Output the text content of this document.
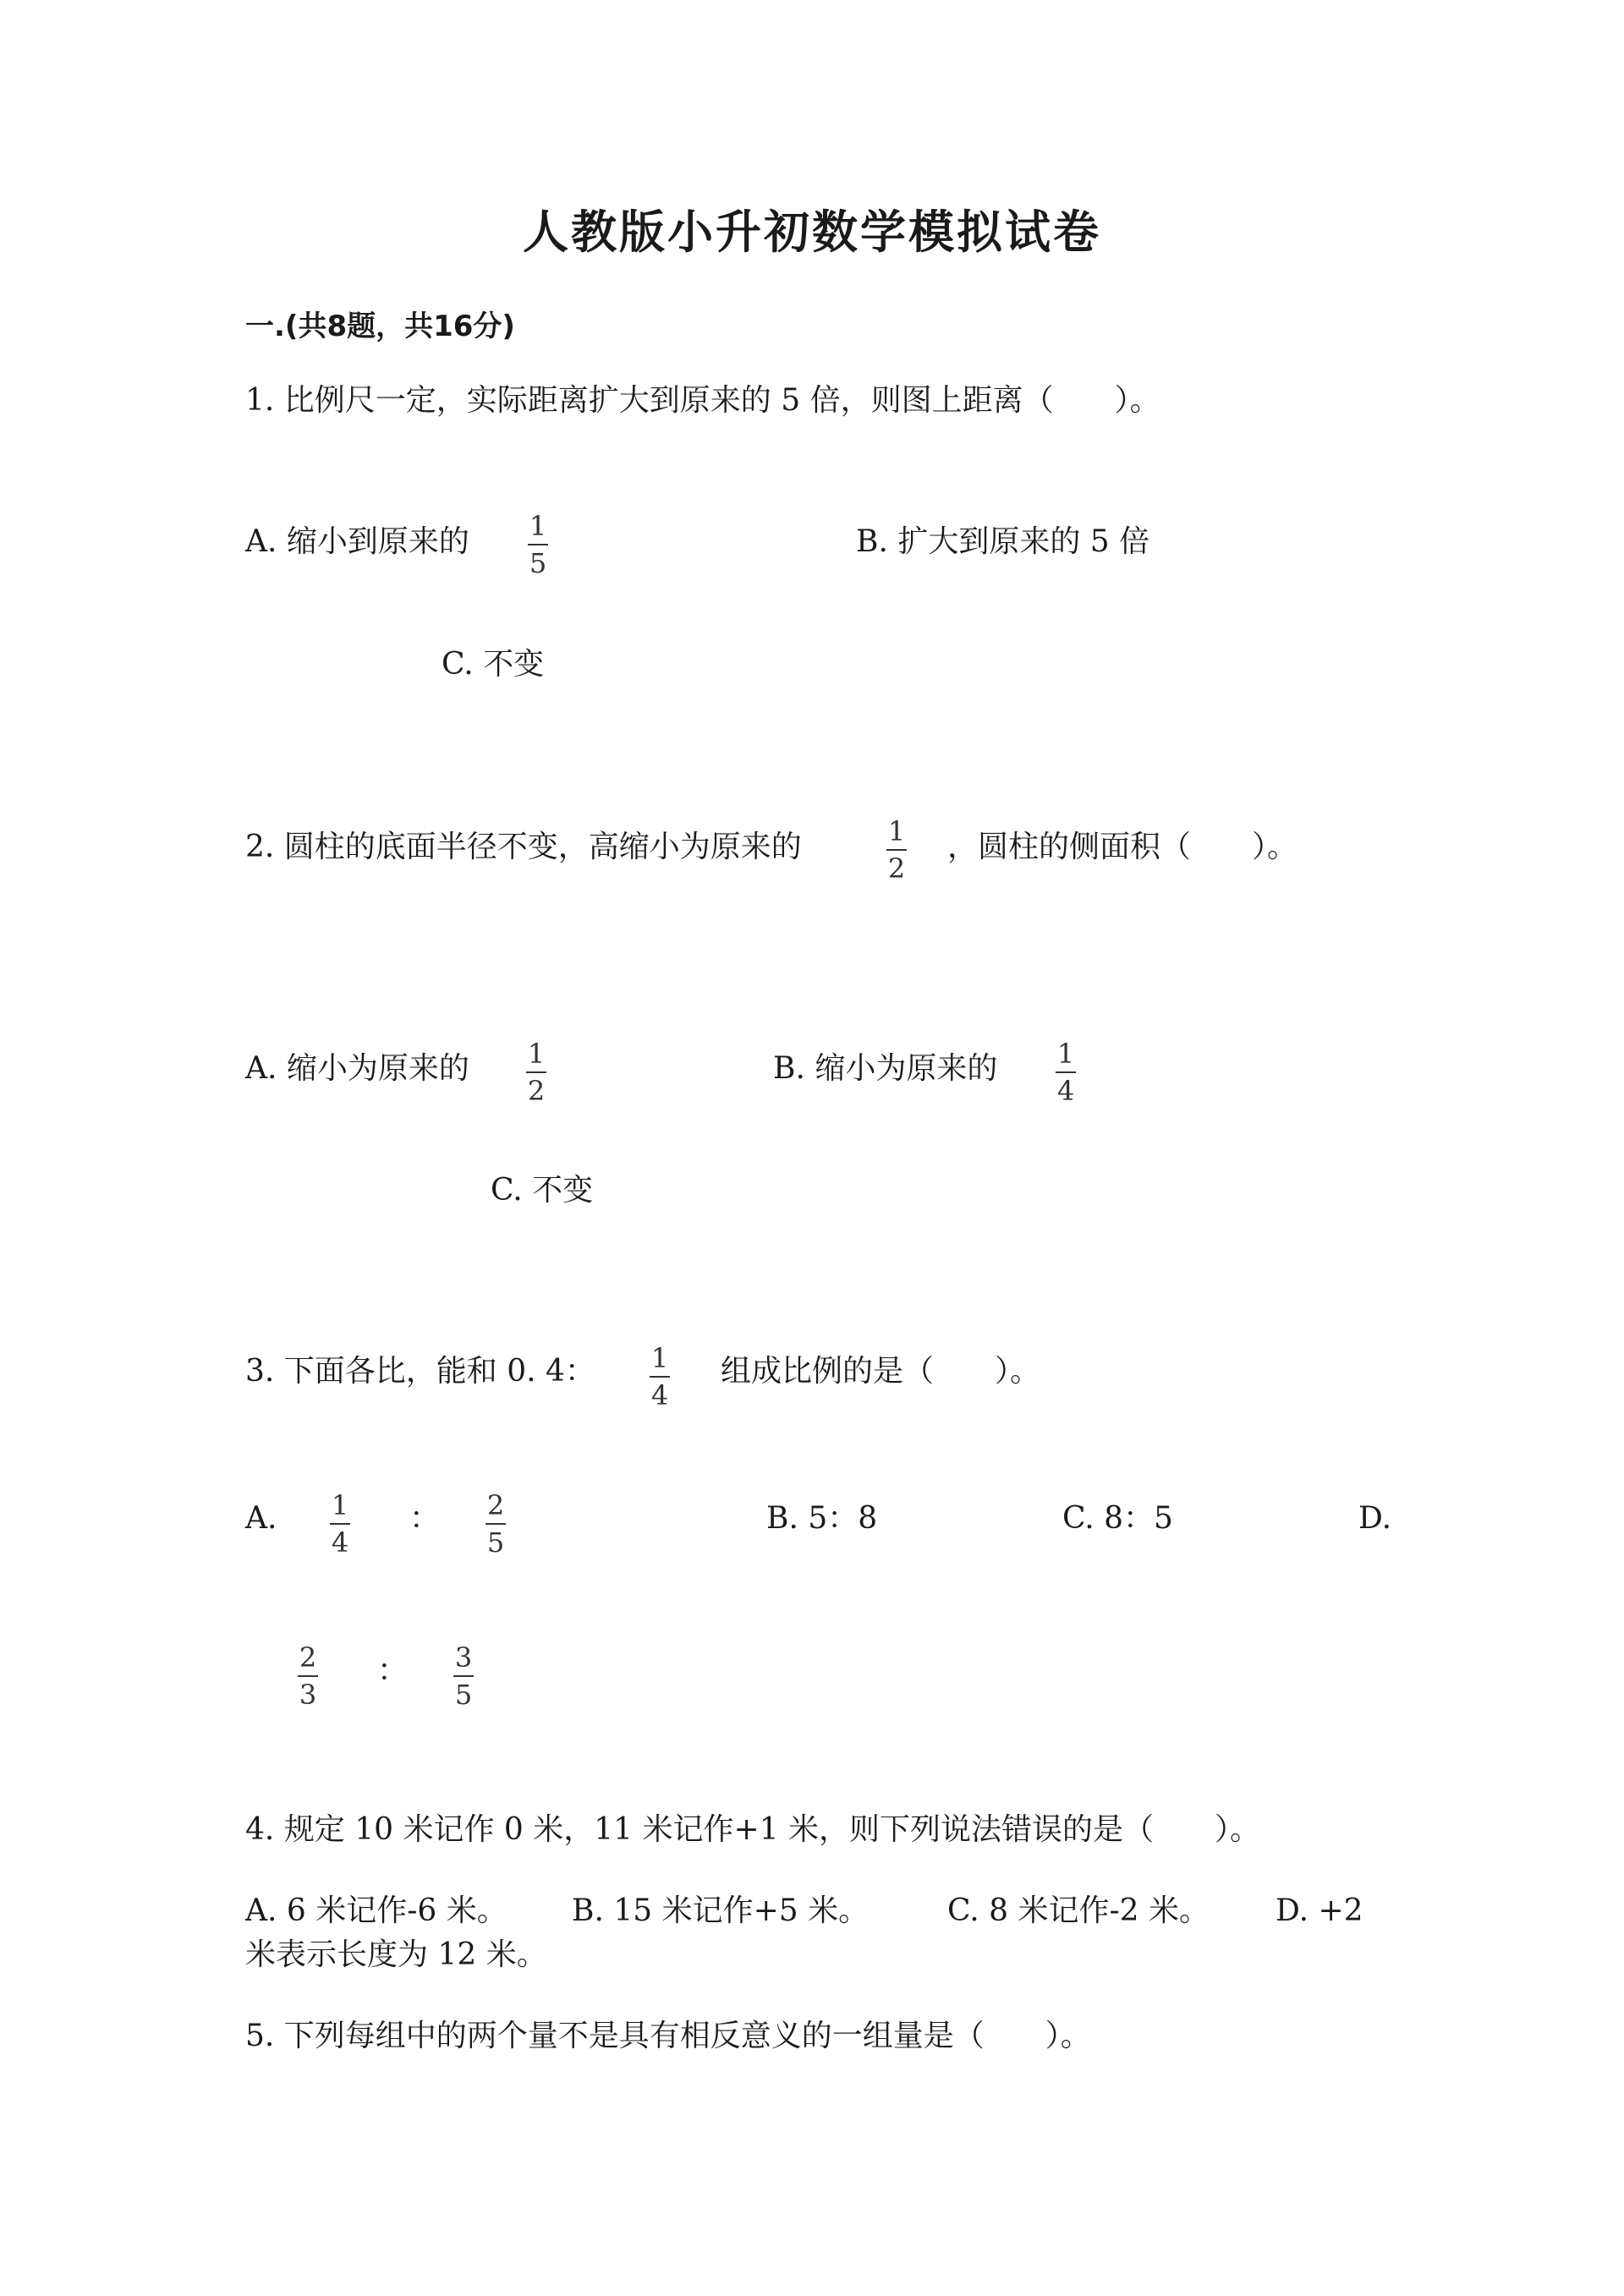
人教版小升初数学模拟试卷
一.(共8题，共16分)
1. 比例尺一定，实际距离扩大到原来的 5 倍，则图上距离（　　）。
A. 缩小到原来的	1
5
B. 扩大到原来的 5 倍
C. 不变
2. 圆柱的底面半径不变，高缩小为原来的	1
2
，圆柱的侧面积（　　）。
A. 缩小为原来的	1
2
B. 缩小为原来的	1
4
C. 不变
3. 下面各比，能和 0. 4：	1
4
组成比例的是（　　）。
A.	1
4
：	2
5
B. 5：8	C. 8：5	D.
2
3
：	3
5
4. 规定 10 米记作 0 米，11 米记作+1 米，则下列说法错误的是（　　）。
A. 6 米记作-6 米。 B. 15 米记作+5 米。	C. 8 米记作-2 米。 D. +2
米表示长度为 12 米。
5. 下列每组中的两个量不是具有相反意义的一组量是（　　）。
